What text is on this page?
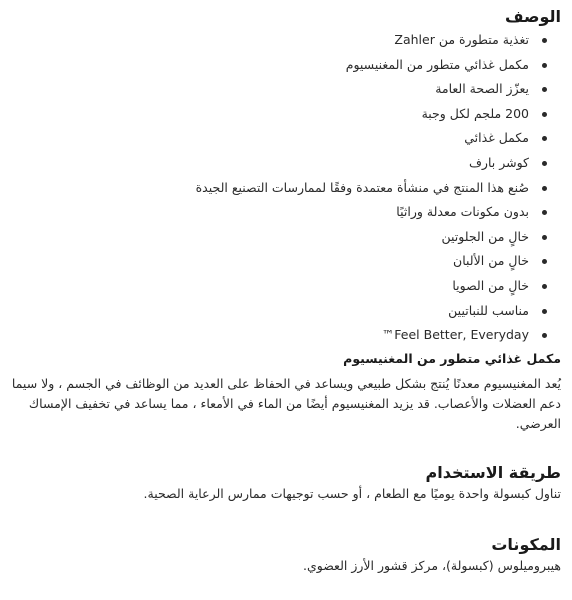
الوصف
تغذية متطورة من Zahler
مكمل غذائي متطور من المغنيسيوم
يعزّز الصحة العامة
200 ملجم لكل وجبة
مكمل غذائي
كوشر بارف
صُنع هذا المنتج في منشأة معتمدة وفقًا لممارسات التصنيع الجيدة
بدون مكونات معدلة وراثيًا
خالٍ من الجلوتين
خالٍ من الألبان
خالٍ من الصويا
مناسب للنباتيين
Feel Better, Everyday™

مكمل غذائي متطور من المغنيسيوم

يُعد المغنيسيوم معدنًا يُنتج بشكل طبيعي ويساعد في الحفاظ على العديد من الوظائف في الجسم ، ولا سيما دعم العضلات والأعصاب. قد يزيد المغنيسيوم أيضًا من الماء في الأمعاء ، مما يساعد في تخفيف الإمساك العرضي.

طريقة الاستخدام

تناول كبسولة واحدة يوميًا مع الطعام ، أو حسب توجيهات ممارس الرعاية الصحية.

المكونات

هيبروميلوس (كبسولة)، مركز قشور الأرز العضوي.
